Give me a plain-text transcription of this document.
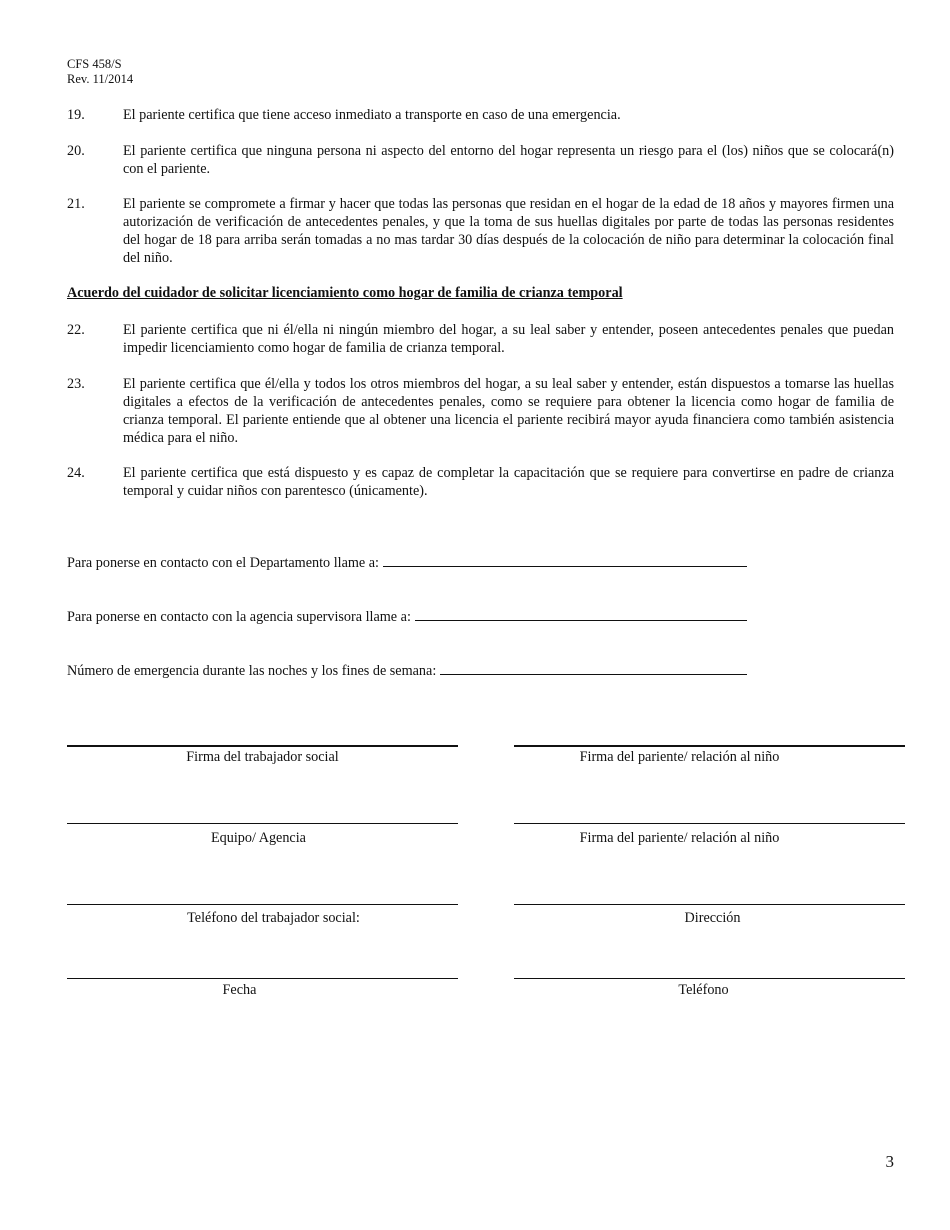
CFS 458/S
Rev. 11/2014
19.	El pariente certifica que tiene acceso inmediato a transporte en caso de una emergencia.
20.	El pariente certifica que ninguna persona ni aspecto del entorno del hogar representa un riesgo para el (los) niños que se colocará(n) con el pariente.
21.	El pariente se compromete a firmar y hacer que todas las personas que residan en el hogar de la edad de 18 años y mayores firmen una autorización de verificación de antecedentes penales, y que la toma de sus huellas digitales por parte de todas las personas residentes del hogar de 18 para arriba serán tomadas a no mas tardar 30 días después de la colocación de niño para determinar la colocación final del niño.
Acuerdo del cuidador de solicitar licenciamiento como hogar de familia de crianza temporal
22.	El pariente certifica que ni él/ella ni ningún miembro del hogar, a su leal saber y entender, poseen antecedentes penales que puedan impedir licenciamiento como hogar de familia de crianza temporal.
23.	El pariente certifica que él/ella y todos los otros miembros del hogar, a su leal saber y entender, están dispuestos a tomarse las huellas digitales a efectos de la verificación de antecedentes penales, como se requiere para obtener la licencia como hogar de familia de crianza temporal. El pariente entiende que al obtener una licencia el pariente recibirá mayor ayuda financiera como también asistencia médica para el niño.
24.	El pariente certifica que está dispuesto y es capaz de completar la capacitación que se requiere para convertirse en padre de crianza temporal y cuidar niños con parentesco (únicamente).
Para ponerse en contacto con el Departamento llame a:
Para ponerse en contacto con la agencia supervisora llame a:
Número de emergencia durante las noches y los fines de semana:
Firma del trabajador social	Firma del pariente/ relación al niño
Equipo/ Agencia	Firma del pariente/ relación al niño
Teléfono del trabajador social:	Dirección
Fecha	Teléfono
3
